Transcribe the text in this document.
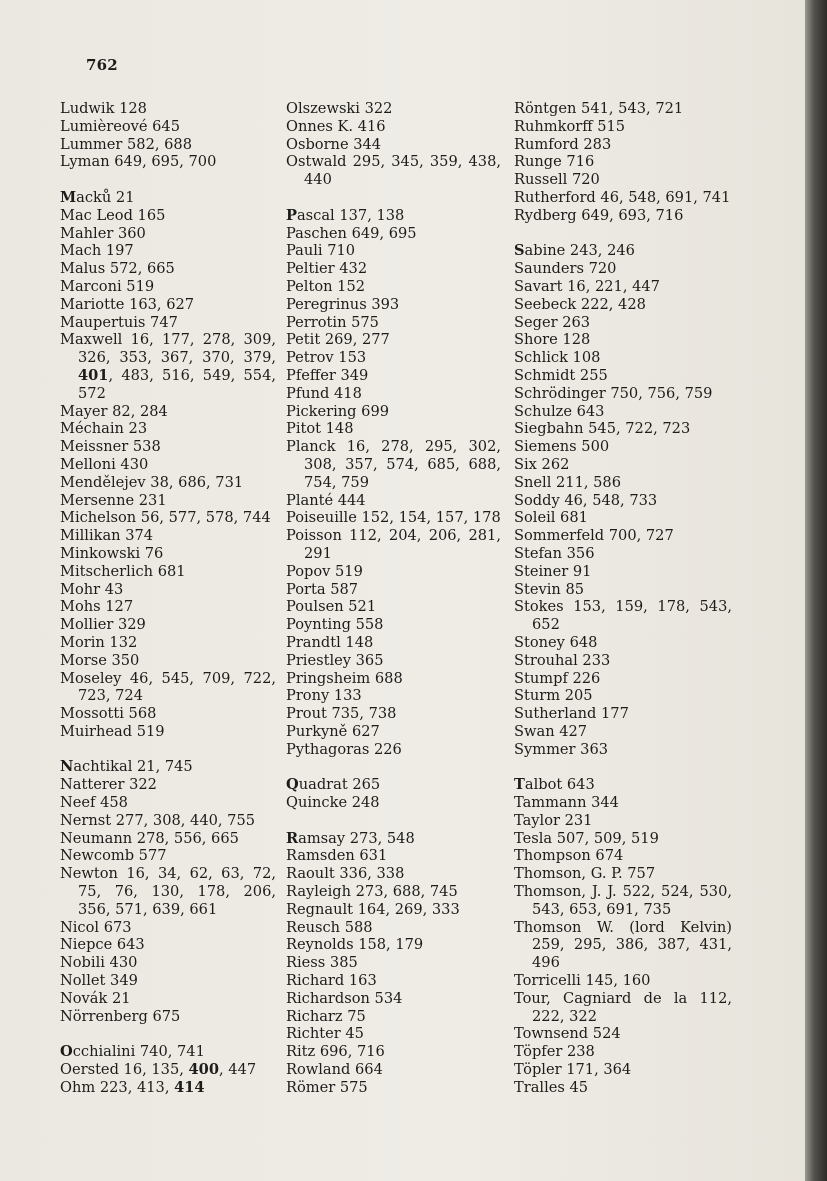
762

Ludwik 128

Lumièreové 645

Lummer 582, 688

Lyman 649, 695, 700

Macků 21

Mac Leod 165

Mahler 360

Mach 197

Malus 572, 665

Marconi 519

Mariotte 163, 627

Maupertuis 747

Maxwell 16, 177, 278, 309, 326, 353, 367, 370, 379, 401, 483, 516, 549, 554, 572

Mayer 82, 284

Méchain 23

Meissner 538

Melloni 430

Mendělejev 38, 686, 731

Mersenne 231

Michelson 56, 577, 578, 744

Millikan 374

Minkowski 76

Mitscherlich 681

Mohr 43

Mohs 127

Mollier 329

Morin 132

Morse 350

Moseley 46, 545, 709, 722, 723, 724

Mossotti 568

Muirhead 519

Nachtikal 21, 745

Natterer 322

Neef 458

Nernst 277, 308, 440, 755

Neumann 278, 556, 665

Newcomb 577

Newton 16, 34, 62, 63, 72, 75, 76, 130, 178, 206, 356, 571, 639, 661

Nicol 673

Niepce 643

Nobili 430

Nollet 349

Novák 21

Nörrenberg 675

Occhialini 740, 741

Oersted 16, 135, 400, 447

Ohm 223, 413, 414

Olszewski 322

Onnes K. 416

Osborne 344

Ostwald 295, 345, 359, 438, 440

Pascal 137, 138

Paschen 649, 695

Pauli 710

Peltier 432

Pelton 152

Peregrinus 393

Perrotin 575

Petit 269, 277

Petrov 153

Pfeffer 349

Pfund 418

Pickering 699

Pitot 148

Planck 16, 278, 295, 302, 308, 357, 574, 685, 688, 754, 759

Planté 444

Poiseuille 152, 154, 157, 178

Poisson 112, 204, 206, 281, 291

Popov 519

Porta 587

Poulsen 521

Poynting 558

Prandtl 148

Priestley 365

Pringsheim 688

Prony 133

Prout 735, 738

Purkyně 627

Pythagoras 226

Quadrat 265

Quincke 248

Ramsay 273, 548

Ramsden 631

Raoult 336, 338

Rayleigh 273, 688, 745

Regnault 164, 269, 333

Reusch 588

Reynolds 158, 179

Riess 385

Richard 163

Richardson 534

Richarz 75

Richter 45

Ritz 696, 716

Rowland 664

Römer 575

Röntgen 541, 543, 721

Ruhmkorff 515

Rumford 283

Runge 716

Russell 720

Rutherford 46, 548, 691, 741

Rydberg 649, 693, 716

Sabine 243, 246

Saunders 720

Savart 16, 221, 447

Seebeck 222, 428

Seger 263

Shore 128

Schlick 108

Schmidt 255

Schrödinger 750, 756, 759

Schulze 643

Siegbahn 545, 722, 723

Siemens 500

Six 262

Snell 211, 586

Soddy 46, 548, 733

Soleil 681

Sommerfeld 700, 727

Stefan 356

Steiner 91

Stevin 85

Stokes 153, 159, 178, 543, 652

Stoney 648

Strouhal 233

Stumpf 226

Sturm 205

Sutherland 177

Swan 427

Symmer 363

Talbot 643

Tammann 344

Taylor 231

Tesla 507, 509, 519

Thompson 674

Thomson, G. P. 757

Thomson, J. J. 522, 524, 530, 543, 653, 691, 735

Thomson W. (lord Kelvin) 259, 295, 386, 387, 431, 496

Torricelli 145, 160

Tour, Cagniard de la 112, 222, 322

Townsend 524

Töpfer 238

Töpler 171, 364

Tralles 45
